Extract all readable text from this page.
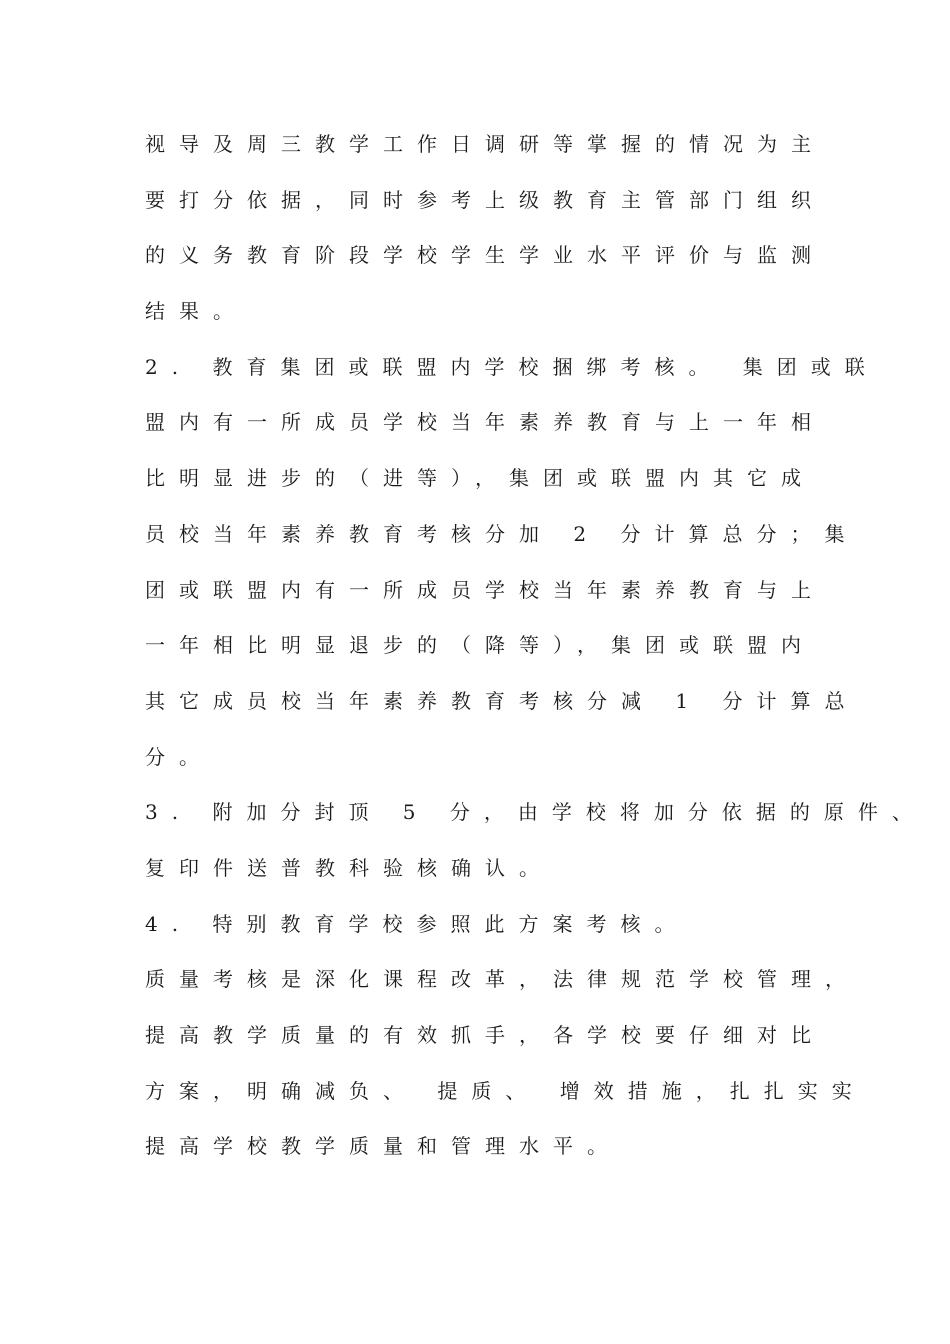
视导及周三教学工作日调研等掌握的情况为主
要打分依据，同时参考上级教育主管部门组织
的义务教育阶段学校学生学业水平评价与监测
结果。
2. 教育集团或联盟内学校捆绑考核。 集团或联
盟内有一所成员学校当年素养教育与上一年相
比明显进步的（进等），集团或联盟内其它成
员校当年素养教育考核分加 2 分计算总分；集
团或联盟内有一所成员学校当年素养教育与上
一年相比明显退步的（降等），集团或联盟内
其它成员校当年素养教育考核分减 1 分计算总
分。
3. 附加分封顶 5 分，由学校将加分依据的原件、
复印件送普教科验核确认。
4. 特别教育学校参照此方案考核。
质量考核是深化课程改革，法律规范学校管理，
提高教学质量的有效抓手，各学校要仔细对比
方案，明确减负、 提质、 增效措施，扎扎实实
提高学校教学质量和管理水平。
